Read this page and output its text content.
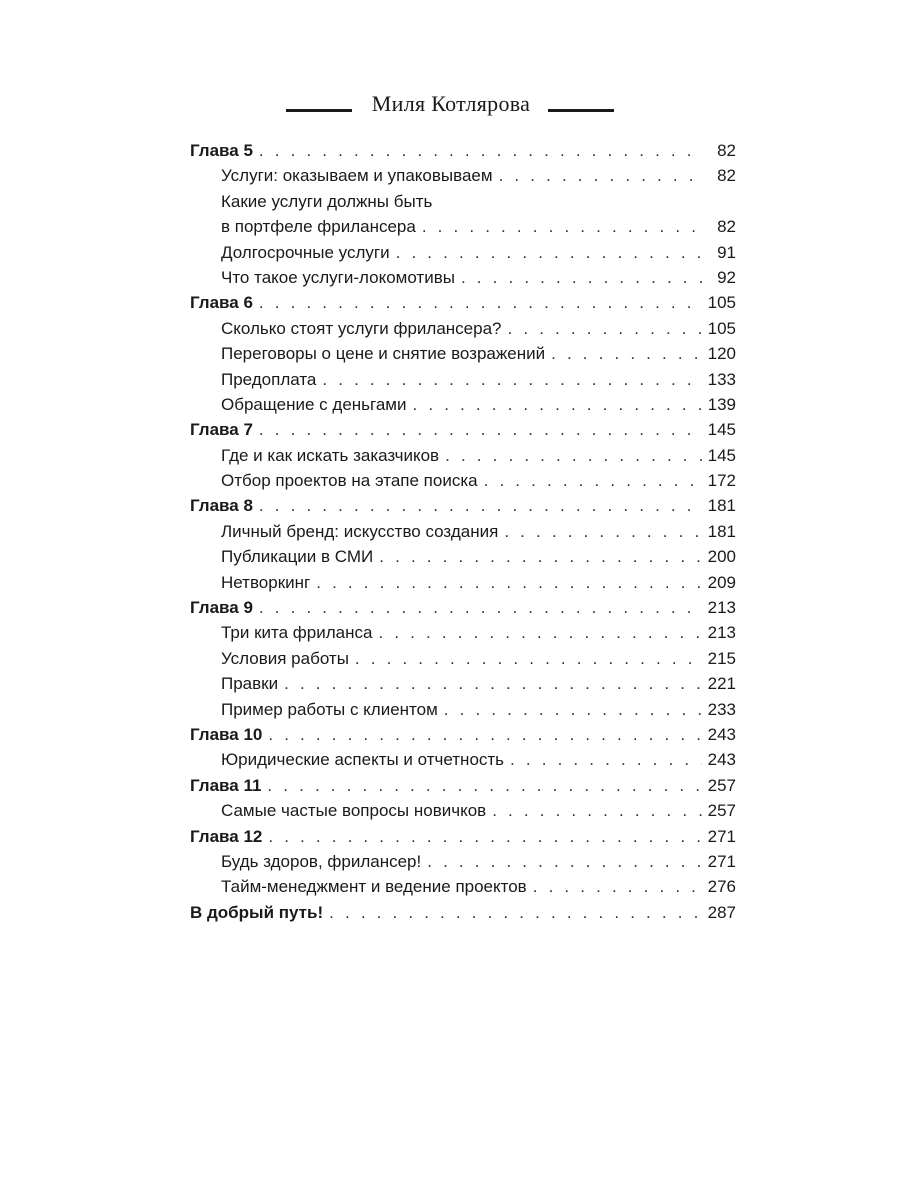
Миля Котлярова
Глава 5 . . .	82
Услуги: оказываем и упаковываем . . .	82
Какие услуги должны быть
в портфеле фрилансера . . .	82
Долгосрочные услуги . . .	91
Что такое услуги-локомотивы . . .	92
Глава 6 . . .	105
Сколько стоят услуги фрилансера? . . .	105
Переговоры о цене и снятие возражений . . .	120
Предоплата . . .	133
Обращение с деньгами . . .	139
Глава 7 . . .	145
Где и как искать заказчиков . . .	145
Отбор проектов на этапе поиска . . .	172
Глава 8 . . .	181
Личный бренд: искусство создания . . .	181
Публикации в СМИ . . .	200
Нетворкинг . . .	209
Глава 9 . . .	213
Три кита фриланса . . .	213
Условия работы . . .	215
Правки . . .	221
Пример работы с клиентом . . .	233
Глава 10 . . .	243
Юридические аспекты и отчетность . . .	243
Глава 11 . . .	257
Самые частые вопросы новичков . . .	257
Глава 12 . . .	271
Будь здоров, фрилансер! . . .	271
Тайм-менеджмент и ведение проектов . . .	276
В добрый путь! . . .	287
